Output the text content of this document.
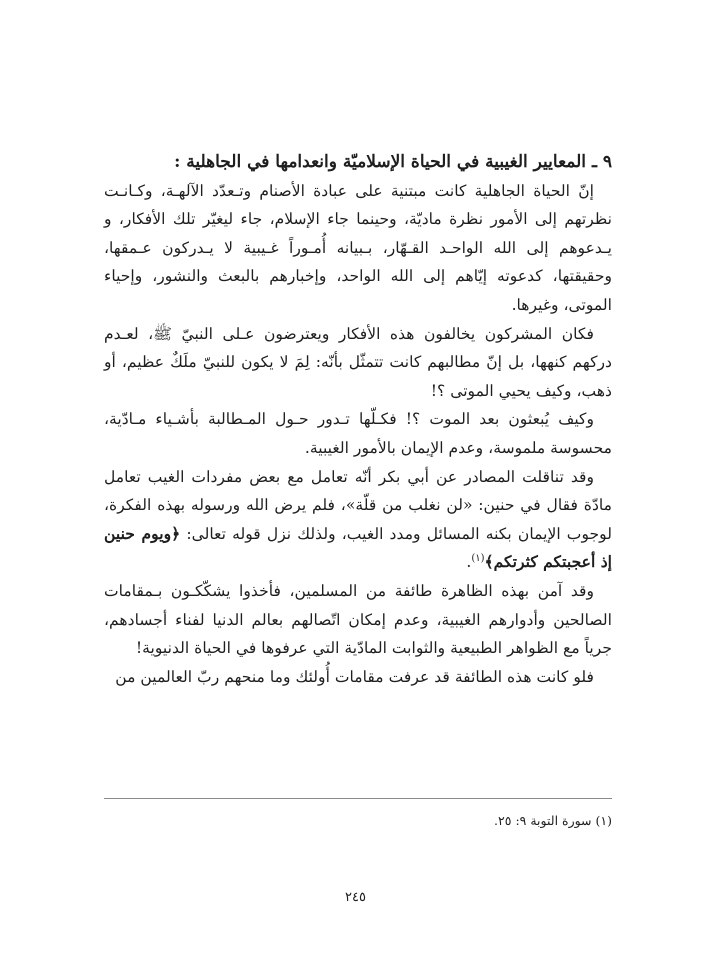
٩ ـ المعايير الغيبية في الحياة الإسلاميّة وانعدامها في الجاهلية :

إنّ الحياة الجاهلية كانت مبتنية على عبادة الأصنام وتـعدّد الآلهـة، وكـانـت نظرتهم إلى الأمور نظرة ماديّة، وحينما جاء الإسلام، جاء ليغيّر تلك الأفكار، و يـدعوهم إلى الله الواحـد القـهّار، بـبيانه أُمـوراً غـيبية لا يـدركون عـمقها، وحقيقتها، كدعوته إيّاهم إلى الله الواحد، وإخبارهم بالبعث والنشور، وإحياء الموتى، وغيرها.

فكان المشركون يخالفون هذه الأفكار ويعترضون عـلى النبيّ ﷺ، لعـدم دركهم كنهها، بل إنّ مطالبهم كانت تتمثّل بأنّه: لِمَ لا يكون للنبيّ ملَكٌ عظيم، أو ذهب، وكيف يحيي الموتى ؟!

وكيف يُبعثون بعد الموت ؟! فكـلّها تـدور حـول المـطالبة بأشـياء مـادّية، محسوسة ملموسة، وعدم الإيمان بالأمور الغيبية.

وقد تناقلت المصادر عن أبي بكر أنّه تعامل مع بعض مفردات الغيب تعامل مادّة فقال في حنين: «لن نغلب من قلّة»، فلم يرض الله ورسوله بهذه الفكرة، لوجوب الإيمان بكنه المسائل ومدد الغيب، ولذلك نزل قوله تعالى: ﴿ويوم حنين إذ أعجبتكم كثرتكم﴾$^{(١)}$.

وقد آمن بهذه الظاهرة طائفة من المسلمين، فأخذوا يشكّكـون بـمقامات الصالحين وأدوارهم الغيبية، وعدم إمكان اتّصالهم بعالم الدنيا لفناء أجسادهم، جرياً مع الظواهر الطبيعية والثوابت المادّية التي عرفوها في الحياة الدنيوية!

فلو كانت هذه الطائفة قد عرفت مقامات أُولئك وما منحهم ربّ العالمين من

(١) سورة التوبة ٩: ٢٥.

٢٤٥
